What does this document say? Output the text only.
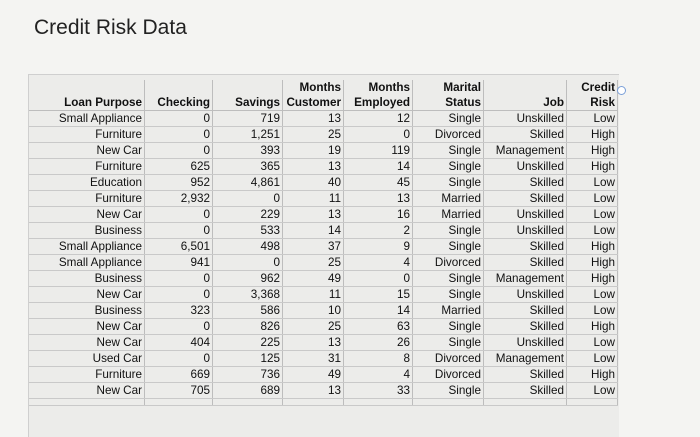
Credit Risk Data
			Months	Months	Marital		Credit
Loan Purpose	Checking	Savings	Customer	Employed	Status	Job	Risk
Small Appliance	0	719	13	12	Single	Unskilled	Low
Furniture	0	1,251	25	0	Divorced	Skilled	High
New Car	0	393	19	119	Single	Management	High
Furniture	625	365	13	14	Single	Unskilled	High
Education	952	4,861	40	45	Single	Skilled	Low
Furniture	2,932	0	11	13	Married	Skilled	Low
New Car	0	229	13	16	Married	Unskilled	Low
Business	0	533	14	2	Single	Unskilled	Low
Small Appliance	6,501	498	37	9	Single	Skilled	High
Small Appliance	941	0	25	4	Divorced	Skilled	High
Business	0	962	49	0	Single	Management	High
New Car	0	3,368	11	15	Single	Unskilled	Low
Business	323	586	10	14	Married	Skilled	Low
New Car	0	826	25	63	Single	Skilled	High
New Car	404	225	13	26	Single	Unskilled	Low
Used Car	0	125	31	8	Divorced	Management	Low
Furniture	669	736	49	4	Divorced	Skilled	High
New Car	705	689	13	33	Single	Skilled	Low
